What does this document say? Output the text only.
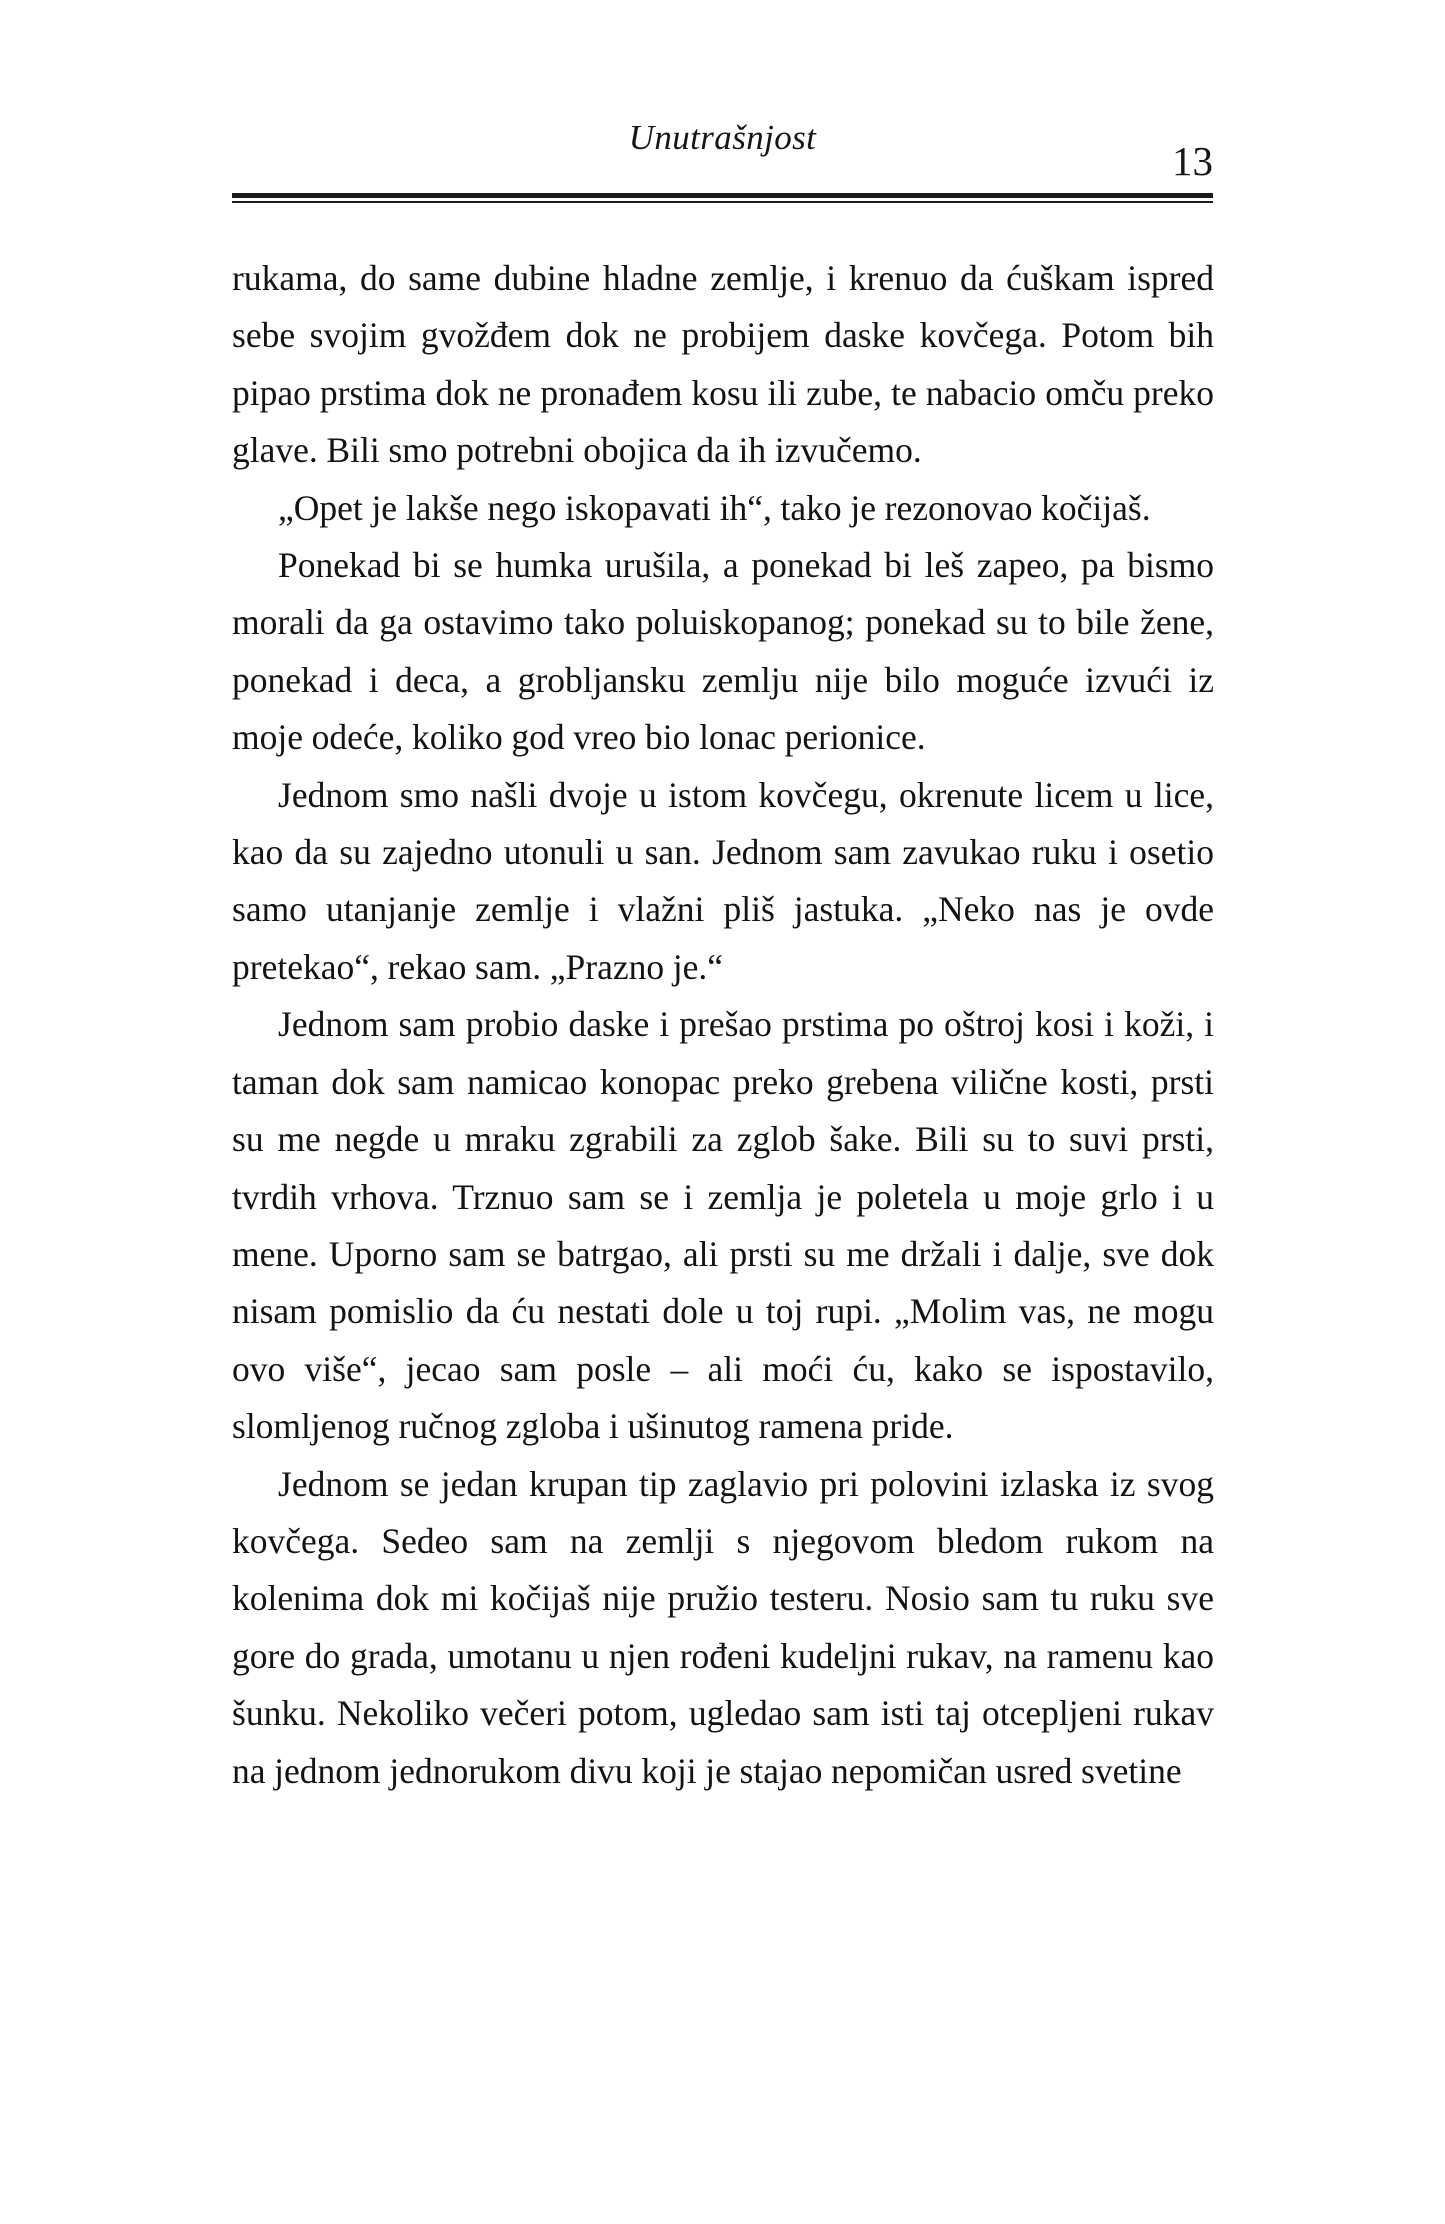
Unutrašnjost
13

rukama, do same dubine hladne zemlje, i krenuo da ćuškam ispred sebe svojim gvožđem dok ne probijem daske kovčega. Potom bih pipao prstima dok ne pronađem kosu ili zube, te nabacio omču preko glave. Bili smo potrebni obojica da ih izvučemo.

„Opet je lakše nego iskopavati ih“, tako je rezonovao kočijaš.

Ponekad bi se humka urušila, a ponekad bi leš zapeo, pa bismo morali da ga ostavimo tako poluiskopanog; ponekad su to bile žene, ponekad i deca, a grobljansku zemlju nije bilo moguće izvući iz moje odeće, koliko god vreo bio lonac perionice.

Jednom smo našli dvoje u istom kovčegu, okrenute licem u lice, kao da su zajedno utonuli u san. Jednom sam zavukao ruku i osetio samo utanjanje zemlje i vlažni pliš jastuka. „Neko nas je ovde pretekao“, rekao sam. „Prazno je.“

Jednom sam probio daske i prešao prstima po oštroj kosi i koži, i taman dok sam namicao konopac preko grebena vilične kosti, prsti su me negde u mraku zgrabili za zglob šake. Bili su to suvi prsti, tvrdih vrhova. Trznuo sam se i zemlja je poletela u moje grlo i u mene. Uporno sam se batrgao, ali prsti su me držali i dalje, sve dok nisam pomislio da ću nestati dole u toj rupi. „Molim vas, ne mogu ovo više“, jecao sam posle – ali moći ću, kako se ispostavilo, slomljenog ručnog zgloba i ušinutog ramena pride.

Jednom se jedan krupan tip zaglavio pri polovini izlaska iz svog kovčega. Sedeo sam na zemlji s njegovom bledom rukom na kolenima dok mi kočijaš nije pružio testeru. Nosio sam tu ruku sve gore do grada, umotanu u njen rođeni kudeljni rukav, na ramenu kao šunku. Nekoliko večeri potom, ugledao sam isti taj otcepljeni rukav na jednom jednorukom divu koji je stajao nepomičan usred svetine
